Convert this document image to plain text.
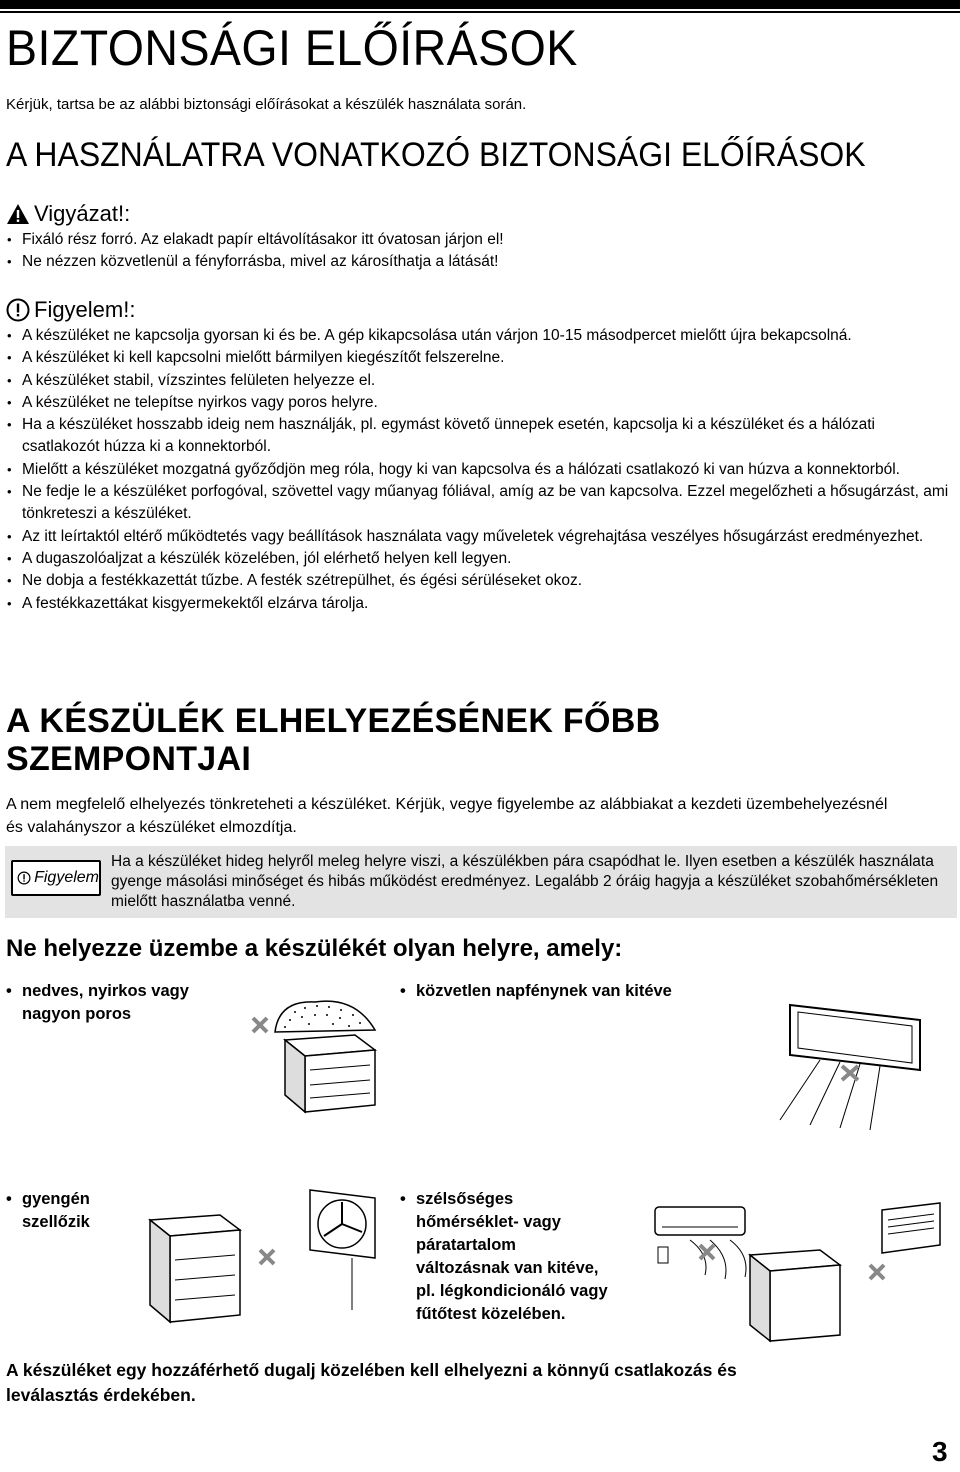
BIZTONSÁGI ELŐÍRÁSOK
Kérjük, tartsa be az alábbi biztonsági előírásokat a készülék használata során.
A HASZNÁLATRA VONATKOZÓ BIZTONSÁGI ELŐÍRÁSOK
Vigyázat!:
• Fixáló rész forró. Az elakadt papír eltávolításakor itt óvatosan járjon el!
• Ne nézzen közvetlenül a fényforrásba, mivel az károsíthatja a látását!
Figyelem!:
• A készüléket ne kapcsolja gyorsan ki és be. A gép kikapcsolása után várjon 10-15 másodpercet mielőtt újra bekapcsolná.
• A készüléket ki kell kapcsolni mielőtt bármilyen kiegészítőt felszerelne.
• A készüléket stabil, vízszintes felületen helyezze el.
• A készüléket ne telepítse nyirkos vagy poros helyre.
• Ha a készüléket hosszabb ideig nem használják, pl. egymást követő ünnepek esetén, kapcsolja ki a készüléket és a hálózati csatlakozót húzza ki a konnektorból.
• Mielőtt a készüléket mozgatná győződjön meg róla, hogy ki van kapcsolva és a hálózati csatlakozó ki van húzva a konnektorból.
• Ne fedje le a készüléket porfogóval, szövettel vagy műanyag fóliával, amíg az be van kapcsolva. Ezzel megelőzheti a hősugárzást, ami tönkreteszi a készüléket.
• Az itt leírtaktól eltérő működtetés vagy beállítások használata vagy műveletek végrehajtása veszélyes hősugárzást eredményezhet.
• A dugaszolóaljzat a készülék közelében, jól elérhető helyen kell legyen.
• Ne dobja a festékkazettát tűzbe. A festék szétrepülhet, és égési sérüléseket okoz.
• A festékkazettákat kisgyermekektől elzárva tárolja.
A KÉSZÜLÉK ELHELYEZÉSÉNEK FŐBB
SZEMPONTJAI
A nem megfelelő elhelyezés tönkreteheti a készüléket. Kérjük, vegye figyelembe az alábbiakat a kezdeti üzembehelyezésnél és valahányszor a készüléket elmozdítja.
Figyelem
Ha a készüléket hideg helyről meleg helyre viszi, a készülékben pára csapódhat le. Ilyen esetben a készülék használata gyenge másolási minőséget és hibás működést eredményez. Legalább 2 óráig hagyja a készüléket szobahőmérsékleten mielőtt használatba venné.
Ne helyezze üzembe a készülékét olyan helyre, amely:
• nedves, nyirkos vagy
nagyon poros
• közvetlen napfénynek van kitéve
• gyengén
szellőzik
• szélsőséges
hőmérséklet- vagy
páratartalom
változásnak van kitéve,
pl. légkondicionáló vagy
fűtőtest közelében.
A készüléket egy hozzáférhető dugalj közelében kell elhelyezni a könnyű csatlakozás és
leválasztás érdekében.
3
